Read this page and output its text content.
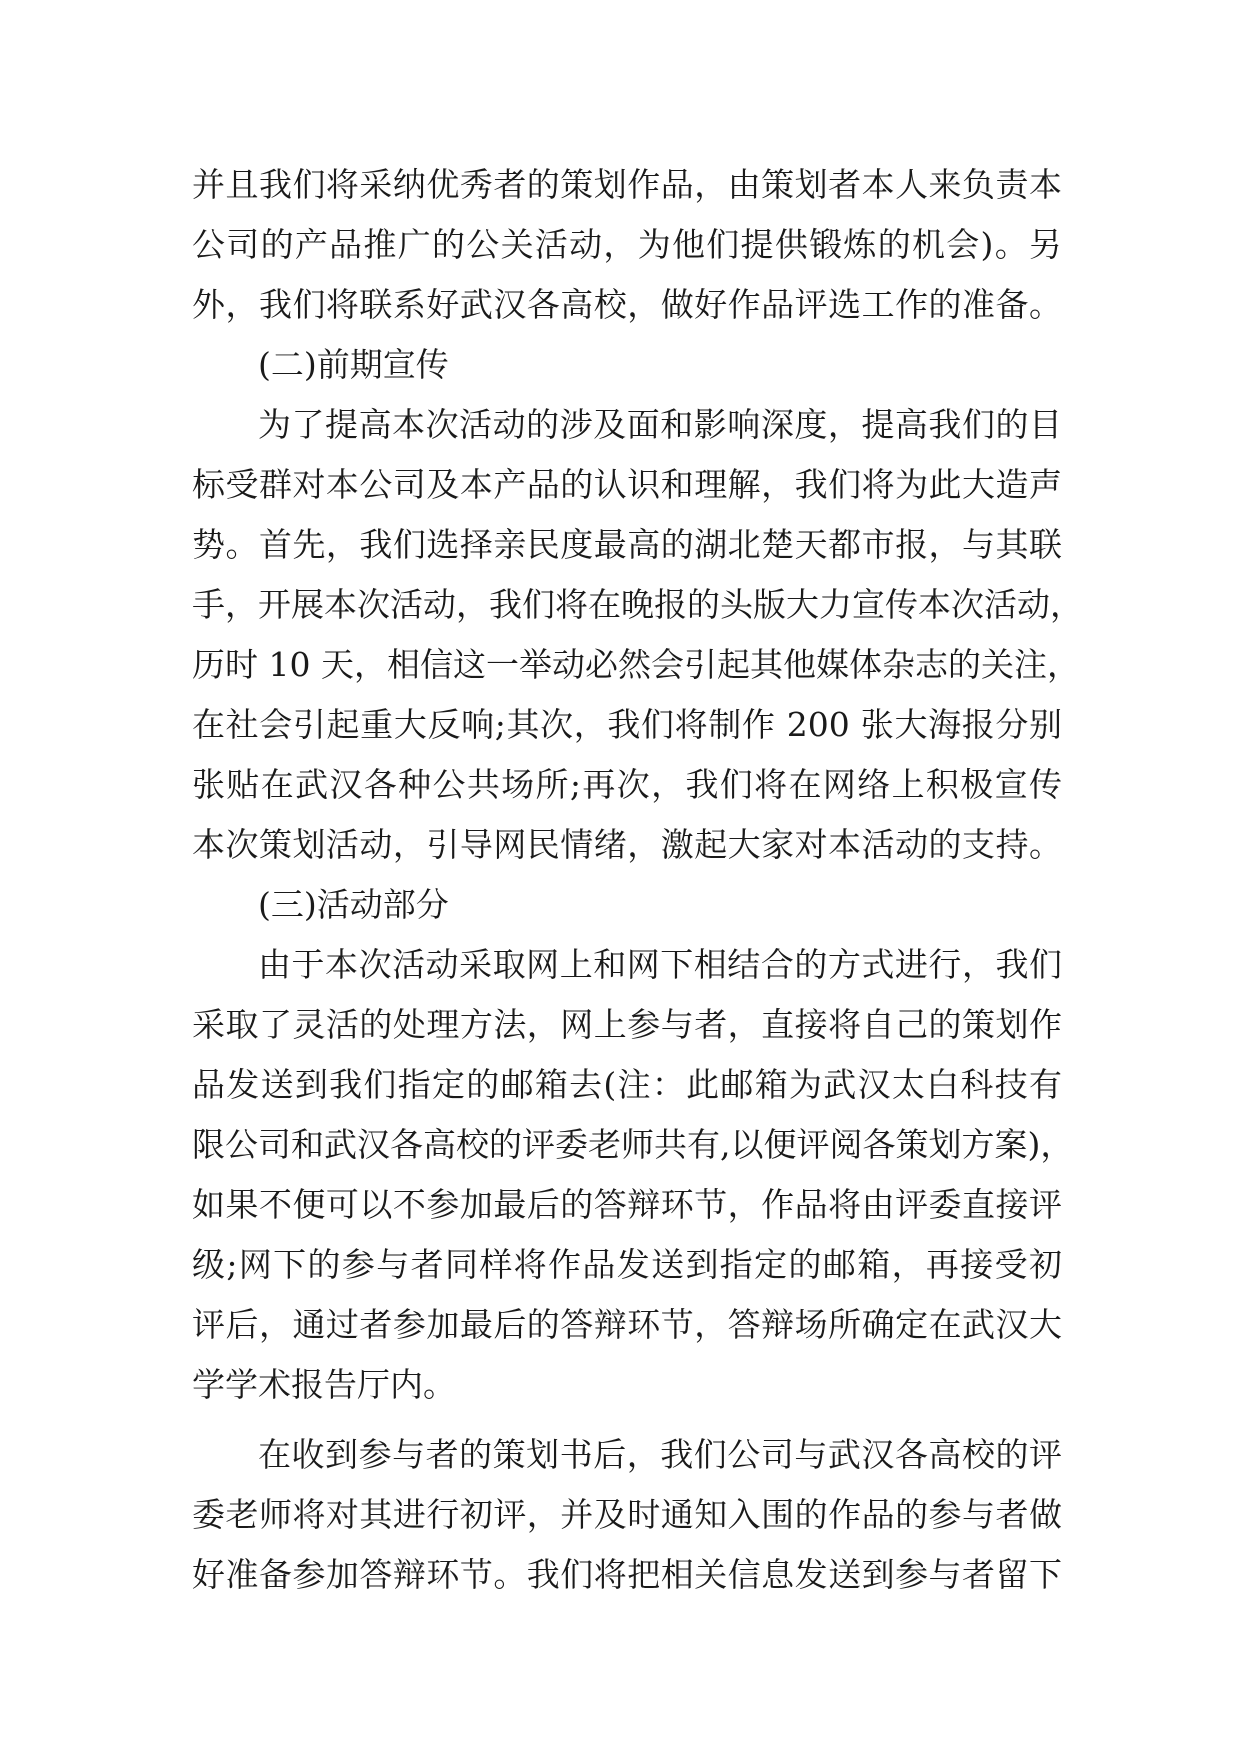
并且我们将采纳优秀者的策划作品，由策划者本人来负责本
公司的产品推广的公关活动，为他们提供锻炼的机会)。另
外，我们将联系好武汉各高校，做好作品评选工作的准备。
(二)前期宣传
为了提高本次活动的涉及面和影响深度，提高我们的目
标受群对本公司及本产品的认识和理解，我们将为此大造声
势。首先，我们选择亲民度最高的湖北楚天都市报，与其联
手，开展本次活动，我们将在晚报的头版大力宣传本次活动，
历时 10 天，相信这一举动必然会引起其他媒体杂志的关注，
在社会引起重大反响;其次，我们将制作 200 张大海报分别
张贴在武汉各种公共场所;再次，我们将在网络上积极宣传
本次策划活动，引导网民情绪，激起大家对本活动的支持。
(三)活动部分
由于本次活动采取网上和网下相结合的方式进行，我们
采取了灵活的处理方法，网上参与者，直接将自己的策划作
品发送到我们指定的邮箱去(注：此邮箱为武汉太白科技有
限公司和武汉各高校的评委老师共有,以便评阅各策划方案)，
如果不便可以不参加最后的答辩环节，作品将由评委直接评
级;网下的参与者同样将作品发送到指定的邮箱，再接受初
评后，通过者参加最后的答辩环节，答辩场所确定在武汉大
学学术报告厅内。
在收到参与者的策划书后，我们公司与武汉各高校的评
委老师将对其进行初评，并及时通知入围的作品的参与者做
好准备参加答辩环节。我们将把相关信息发送到参与者留下
